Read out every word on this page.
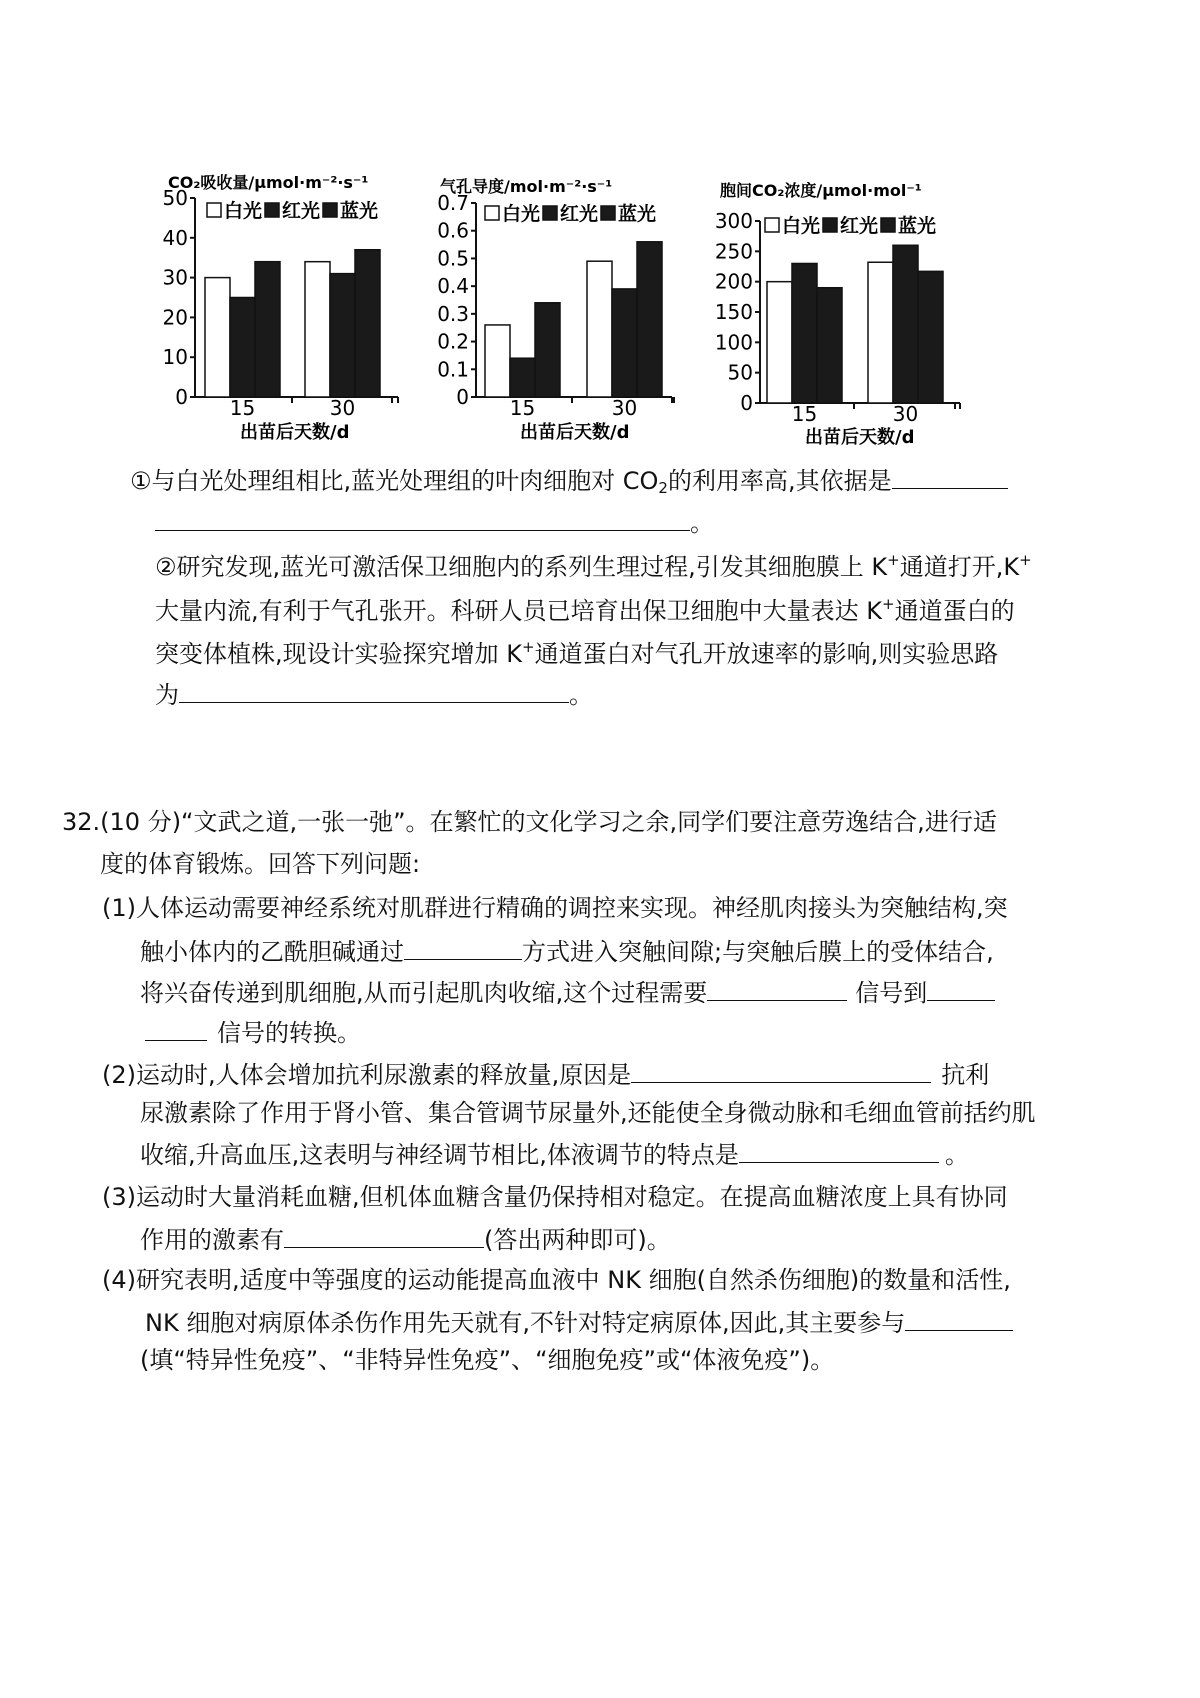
CO₂吸收量/μmol·m⁻²·s⁻¹
0
10
20
30
40
50
15	30
白光 红光 蓝光
出苗后天数/d
气孔导度/mol·m⁻²·s⁻¹
0
0.1
0.2
0.3
0.4
0.5
0.6
0.7
15	30
白光 红光 蓝光
出苗后天数/d
胞间CO₂浓度/μmol·mol⁻¹
0
50
100
150
200
250
300
15	30
白光 红光 蓝光
出苗后天数/d
①与白光处理组相比,蓝光处理组的叶肉细胞对 $CO_2$的利用率高,其依据是
。
②研究发现,蓝光可激活保卫细胞内的系列生理过程,引发其细胞膜上 K+通道打开,K+
大量内流,有利于气孔张开。科研人员已培育出保卫细胞中大量表达 K+通道蛋白的
突变体植株,现设计实验探究增加 K+通道蛋白对气孔开放速率的影响,则实验思路
为	。
32.(10 分)“文武之道,一张一弛”。在繁忙的文化学习之余,同学们要注意劳逸结合,进行适
度的体育锻炼。回答下列问题:
(1)人体运动需要神经系统对肌群进行精确的调控来实现。神经肌肉接头为突触结构,突
触小体内的乙酰胆碱通过	方式进入突触间隙;与突触后膜上的受体结合,
将兴奋传递到肌细胞,从而引起肌肉收缩,这个过程需要	信号到
信号的转换。
(2)运动时,人体会增加抗利尿激素的释放量,原因是	抗利
尿激素除了作用于肾小管、集合管调节尿量外,还能使全身微动脉和毛细血管前括约肌
收缩,升高血压,这表明与神经调节相比,体液调节的特点是	。
(3)运动时大量消耗血糖,但机体血糖含量仍保持相对稳定。在提高血糖浓度上具有协同
作用的激素有	(答出两种即可)。
(4)研究表明,适度中等强度的运动能提高血液中 NK 细胞(自然杀伤细胞)的数量和活性,
NK 细胞对病原体杀伤作用先天就有,不针对特定病原体,因此,其主要参与
(填“特异性免疫”、“非特异性免疫”、“细胞免疫”或“体液免疫”)。
